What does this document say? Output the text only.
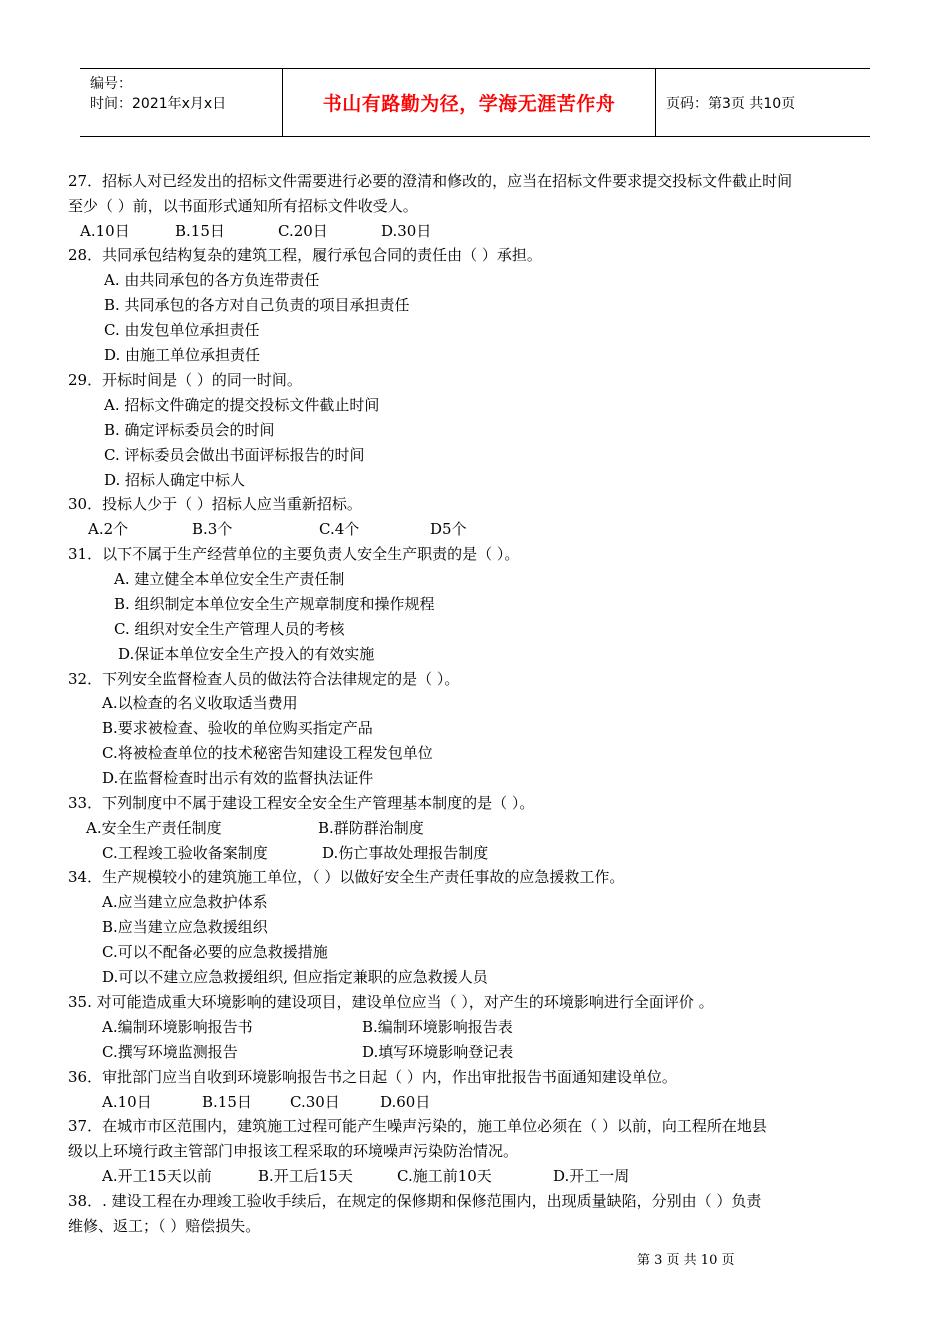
编号：
时间：2021年x月x日	书山有路勤为径，学海无涯苦作舟	页码：第3页 共10页
27．招标人对已经发出的招标文件需要进行必要的澄清和修改的，应当在招标文件要求提交投标文件截止时间
至少（ ）前，以书面形式通知所有招标文件收受人。
A.10日	B.15日	C.20日	D.30日
28．共同承包结构复杂的建筑工程，履行承包合同的责任由（ ）承担。
A. 由共同承包的各方负连带责任
B. 共同承包的各方对自己负责的项目承担责任
C. 由发包单位承担责任
D. 由施工单位承担责任
29．开标时间是（ ）的同一时间。
A. 招标文件确定的提交投标文件截止时间
B. 确定评标委员会的时间
C. 评标委员会做出书面评标报告的时间
D. 招标人确定中标人
30．投标人少于（ ）招标人应当重新招标。
A.2个	B.3个	C.4个	D5个
31．以下不属于生产经营单位的主要负责人安全生产职责的是（ ）。
A. 建立健全本单位安全生产责任制
B. 组织制定本单位安全生产规章制度和操作规程
C. 组织对安全生产管理人员的考核
D.保证本单位安全生产投入的有效实施
32．下列安全监督检查人员的做法符合法律规定的是（ ）。
A.以检查的名义收取适当费用
B.要求被检查、验收的单位购买指定产品
C.将被检查单位的技术秘密告知建设工程发包单位
D.在监督检查时出示有效的监督执法证件
33．下列制度中不属于建设工程安全安全生产管理基本制度的是（ ）。
A.安全生产责任制度	B.群防群治制度
C.工程竣工验收备案制度	D.伤亡事故处理报告制度
34．生产规模较小的建筑施工单位，（ ）以做好安全生产责任事故的应急援救工作。
A.应当建立应急救护体系
B.应当建立应急救援组织
C.可以不配备必要的应急救援措施
D.可以不建立应急救援组织, 但应指定兼职的应急救援人员
35. 对可能造成重大环境影响的建设项目，建设单位应当（ ），对产生的环境影响进行全面评价 。
A.编制环境影响报告书	B.编制环境影响报告表
C.撰写环境监测报告	D.填写环境影响登记表
36．审批部门应当自收到环境影响报告书之日起（ ）内，作出审批报告书面通知建设单位。
A.10日	B.15日	C.30日	D.60日
37．在城市市区范围内，建筑施工过程可能产生噪声污染的，施工单位必须在（ ）以前，向工程所在地县
级以上环境行政主管部门申报该工程采取的环境噪声污染防治情况。
A.开工15天以前	B.开工后15天	C.施工前10天	D.开工一周
38．. 建设工程在办理竣工验收手续后，在规定的保修期和保修范围内，出现质量缺陷，分别由（ ）负责
维修、返工；（ ）赔偿损失。
第 3 页 共 10 页
